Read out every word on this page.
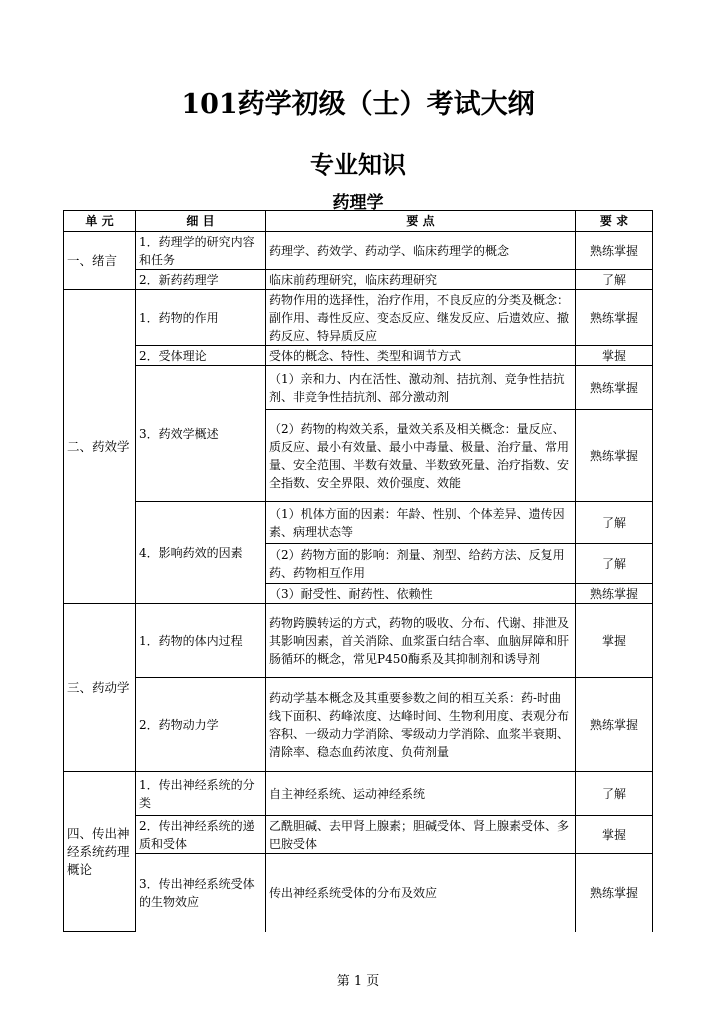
101药学初级（士）考试大纲
专业知识
药理学
单 元	细 目	要 点	要 求
一、绪言	1．药理学的研究内容和任务	药理学、药效学、药动学、临床药理学的概念	熟练掌握
	2．新药药理学	临床前药理研究，临床药理研究	了解
二、药效学	1．药物的作用	药物作用的选择性，治疗作用，不良反应的分类及概念：副作用、毒性反应、变态反应、继发反应、后遗效应、撤药反应、特异质反应	熟练掌握
	2．受体理论	受体的概念、特性、类型和调节方式	掌握
	3．药效学概述	（1）亲和力、内在活性、激动剂、拮抗剂、竞争性拮抗剂、非竞争性拮抗剂、部分激动剂	熟练掌握
		（2）药物的构效关系，量效关系及相关概念：量反应、质反应、最小有效量、最小中毒量、极量、治疗量、常用量、安全范围、半数有效量、半数致死量、治疗指数、安全指数、安全界限、效价强度、效能	熟练掌握
	4．影响药效的因素	（1）机体方面的因素：年龄、性别、个体差异、遗传因素、病理状态等	了解
		（2）药物方面的影响：剂量、剂型、给药方法、反复用药、药物相互作用	了解
		（3）耐受性、耐药性、依赖性	熟练掌握
三、药动学	1．药物的体内过程	药物跨膜转运的方式，药物的吸收、分布、代谢、排泄及其影响因素，首关消除、血浆蛋白结合率、血脑屏障和肝肠循环的概念，常见P450酶系及其抑制剂和诱导剂	掌握
	2．药物动力学	药动学基本概念及其重要参数之间的相互关系：药-时曲线下面积、药峰浓度、达峰时间、生物利用度、表观分布容积、一级动力学消除、零级动力学消除、血浆半衰期、清除率、稳态血药浓度、负荷剂量	熟练掌握
四、传出神经系统药理概论	1．传出神经系统的分类	自主神经系统、运动神经系统	了解
	2．传出神经系统的递质和受体	乙酰胆碱、去甲肾上腺素；胆碱受体、肾上腺素受体、多巴胺受体	掌握
	3．传出神经系统受体的生物效应	传出神经系统受体的分布及效应	熟练掌握
第 1 页
